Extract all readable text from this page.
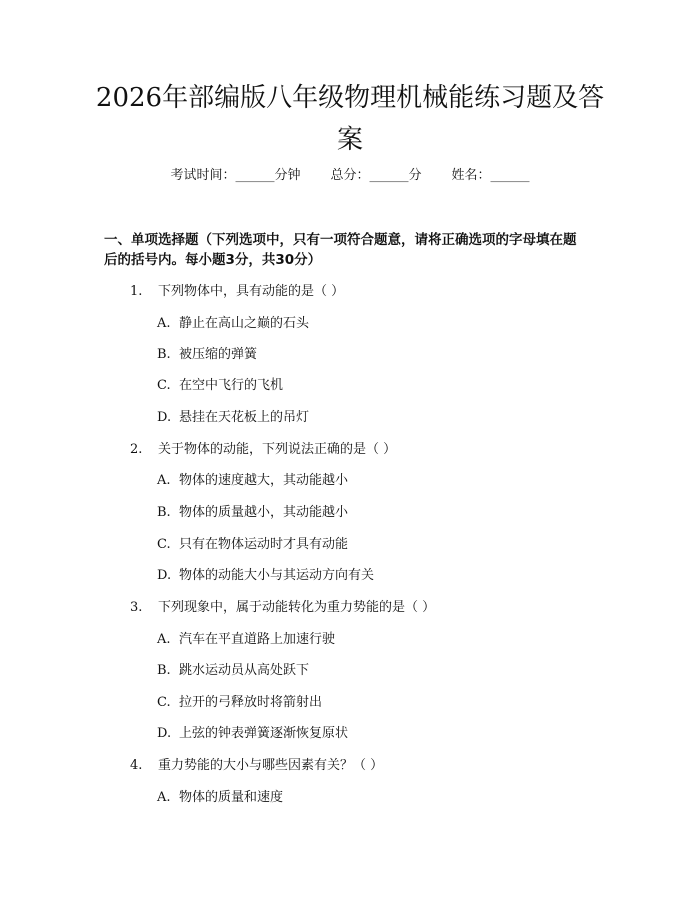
2026年部编版八年级物理机械能练习题及答
案
考试时间：______分钟 总分：______分 姓名：______
一、单项选择题（下列选项中，只有一项符合题意，请将正确选项的字母填在题
后的括号内。每小题3分，共30分）
1. 下列物体中，具有动能的是（ ）
A. 静止在高山之巅的石头
B. 被压缩的弹簧
C. 在空中飞行的飞机
D. 悬挂在天花板上的吊灯
2. 关于物体的动能，下列说法正确的是（ ）
A. 物体的速度越大，其动能越小
B. 物体的质量越小，其动能越小
C. 只有在物体运动时才具有动能
D. 物体的动能大小与其运动方向有关
3. 下列现象中，属于动能转化为重力势能的是（ ）
A. 汽车在平直道路上加速行驶
B. 跳水运动员从高处跃下
C. 拉开的弓释放时将箭射出
D. 上弦的钟表弹簧逐渐恢复原状
4. 重力势能的大小与哪些因素有关？（ ）
A. 物体的质量和速度
